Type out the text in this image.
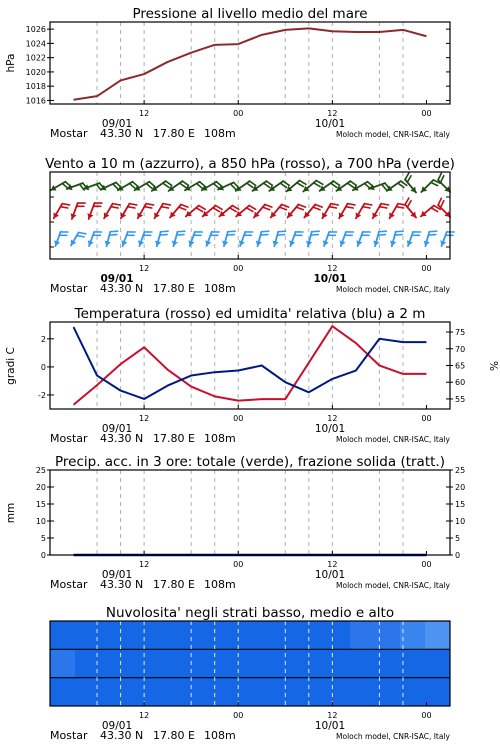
Pressione al livello medio del mare
12	00	12	00
09/01	10/01
Mostar 43.30 N 17.80 E 108m	Moloch model, CNR-ISAC, Italy
1016
1018
1020
1022
1024
1026
hPa
Vento a 10 m (azzurro), a 850 hPa (rosso), a 700 hPa (verde)
12	00	12	00
09/01	10/01
Mostar 43.30 N 17.80 E 108m	Moloch model, CNR-ISAC, Italy
Temperatura (rosso) ed umidita' relativa (blu) a 2 m
12	00	12	00
09/01	10/01
Mostar 43.30 N 17.80 E 108m	Moloch model, CNR-ISAC, Italy
-2
0
2
55
60
65
70
75
gradi C	%
Precip. acc. in 3 ore: totale (verde), frazione solida (tratt.)
12	00	12	00
09/01	10/01
Mostar 43.30 N 17.80 E 108m	Moloch model, CNR-ISAC, Italy
0	0
5	5
10	10
15	15
20	20
25	25
mm
Nuvolosita' negli strati basso, medio e alto
12	00	12	00
09/01	10/01
Mostar 43.30 N 17.80 E 108m	Moloch model, CNR-ISAC, Italy
